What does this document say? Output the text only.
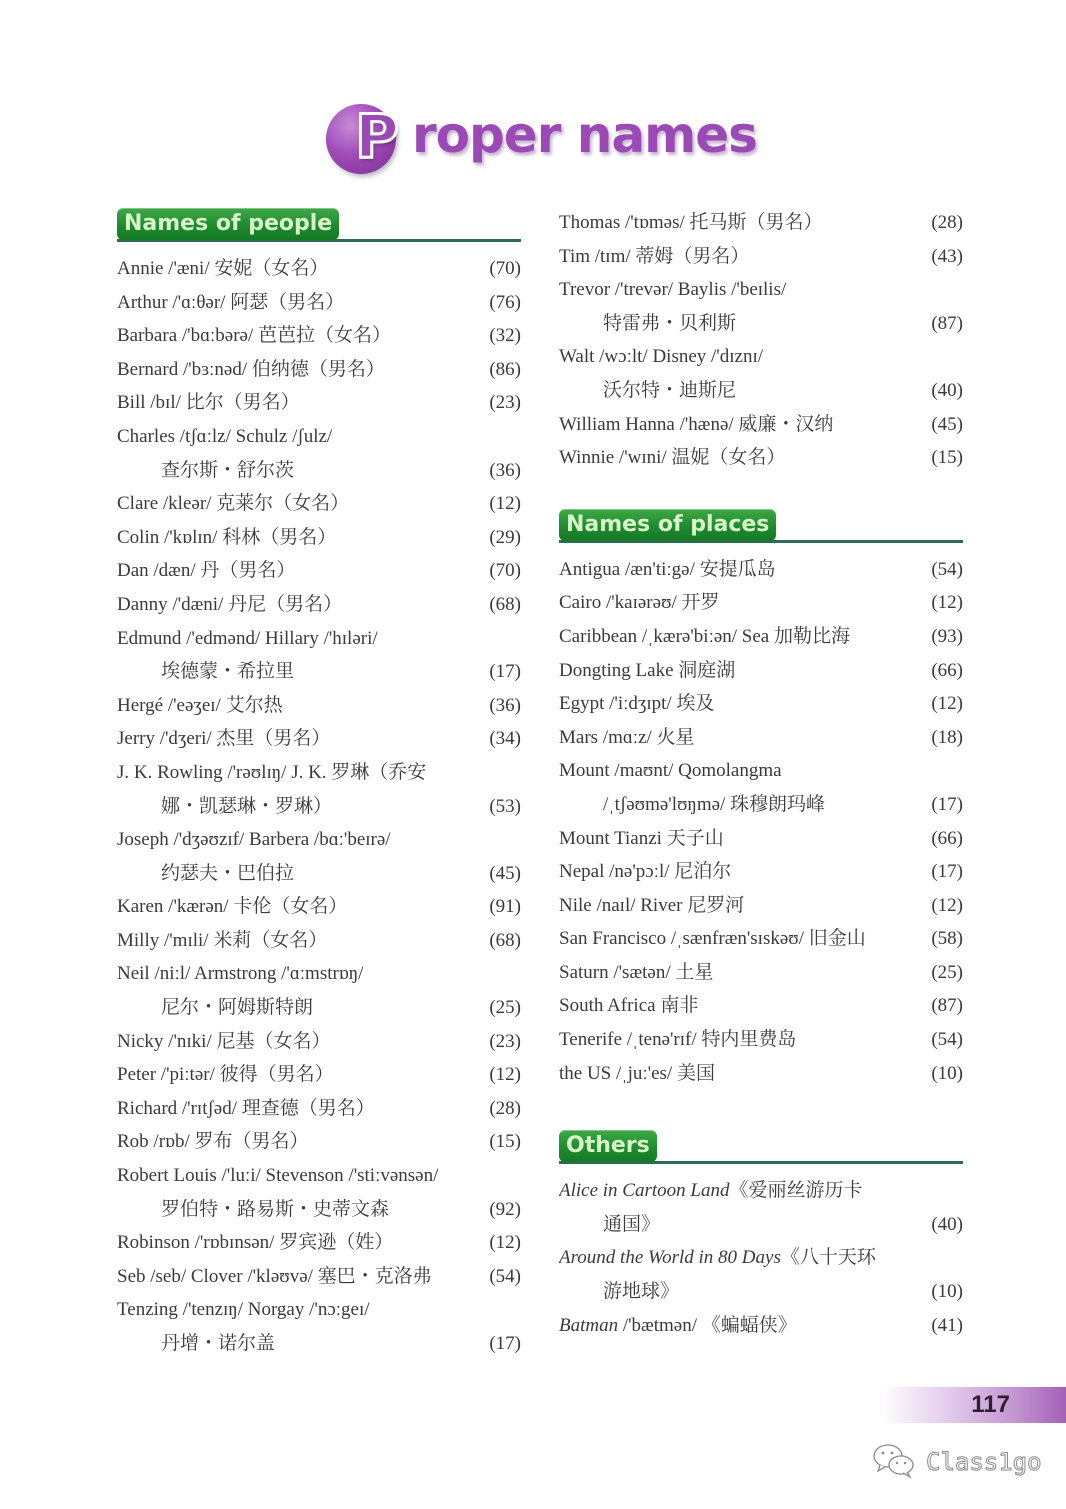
P roper names
Names of people
Annie /'æni/ 安妮（女名）	(70)
Arthur /'ɑːθər/ 阿瑟（男名）	(76)
Barbara /'bɑːbərə/ 芭芭拉（女名）	(32)
Bernard /'bɜːnəd/ 伯纳德（男名）	(86)
Bill /bɪl/ 比尔（男名）	(23)
Charles /tʃɑːlz/ Schulz /ʃulz/
查尔斯・舒尔茨	(36)
Clare /kleər/ 克莱尔（女名）	(12)
Colin /'kɒlɪn/ 科林（男名）	(29)
Dan /dæn/ 丹（男名）	(70)
Danny /'dæni/ 丹尼（男名）	(68)
Edmund /'edmənd/ Hillary /'hɪləri/
埃德蒙・希拉里	(17)
Hergé /'eəʒeɪ/ 艾尔热	(36)
Jerry /'dʒeri/ 杰里（男名）	(34)
J. K. Rowling /'rəʊlɪŋ/ J. K. 罗琳（乔安
娜・凯瑟琳・罗琳）	(53)
Joseph /'dʒəʊzɪf/ Barbera /bɑː'beɪrə/
约瑟夫・巴伯拉	(45)
Karen /'kærən/ 卡伦（女名）	(91)
Milly /'mɪli/ 米莉（女名）	(68)
Neil /niːl/ Armstrong /'ɑːmstrɒŋ/
尼尔・阿姆斯特朗	(25)
Nicky /'nɪki/ 尼基（女名）	(23)
Peter /'piːtər/ 彼得（男名）	(12)
Richard /'rɪtʃəd/ 理查德（男名）	(28)
Rob /rɒb/ 罗布（男名）	(15)
Robert Louis /'luːi/ Stevenson /'stiːvənsən/
罗伯特・路易斯・史蒂文森	(92)
Robinson /'rɒbɪnsən/ 罗宾逊（姓）	(12)
Seb /seb/ Clover /'kləʊvə/ 塞巴・克洛弗	(54)
Tenzing /'tenzɪŋ/ Norgay /'nɔːgeɪ/
丹增・诺尔盖	(17)
Thomas /'tɒməs/ 托马斯（男名）	(28)
Tim /tɪm/ 蒂姆（男名）	(43)
Trevor /'trevər/ Baylis /'beɪlis/
特雷弗・贝利斯	(87)
Walt /wɔːlt/ Disney /'dɪznɪ/
沃尔特・迪斯尼	(40)
William Hanna /'hænə/ 威廉・汉纳	(45)
Winnie /'wɪni/ 温妮（女名）	(15)
Names of places
Antigua /æn'tiːgə/ 安提瓜岛	(54)
Cairo /'kaɪərəʊ/ 开罗	(12)
Caribbean /ˌkærə'biːən/ Sea 加勒比海	(93)
Dongting Lake 洞庭湖	(66)
Egypt /'iːdʒɪpt/ 埃及	(12)
Mars /mɑːz/ 火星	(18)
Mount /maʊnt/ Qomolangma
/ˌtʃəʊmə'lʊŋmə/ 珠穆朗玛峰	(17)
Mount Tianzi 天子山	(66)
Nepal /nə'pɔːl/ 尼泊尔	(17)
Nile /naɪl/ River 尼罗河	(12)
San Francisco /ˌsænfræn'sɪskəʊ/ 旧金山	(58)
Saturn /'sætən/ 土星	(25)
South Africa 南非	(87)
Tenerife /ˌtenə'rɪf/ 特内里费岛	(54)
the US /ˌjuː'es/ 美国	(10)
Others
Alice in Cartoon Land《爱丽丝游历卡
通国》	(40)
Around the World in 80 Days《八十天环
游地球》	(10)
Batman /'bætmən/ 《蝙蝠侠》	(41)
117
Class1go
